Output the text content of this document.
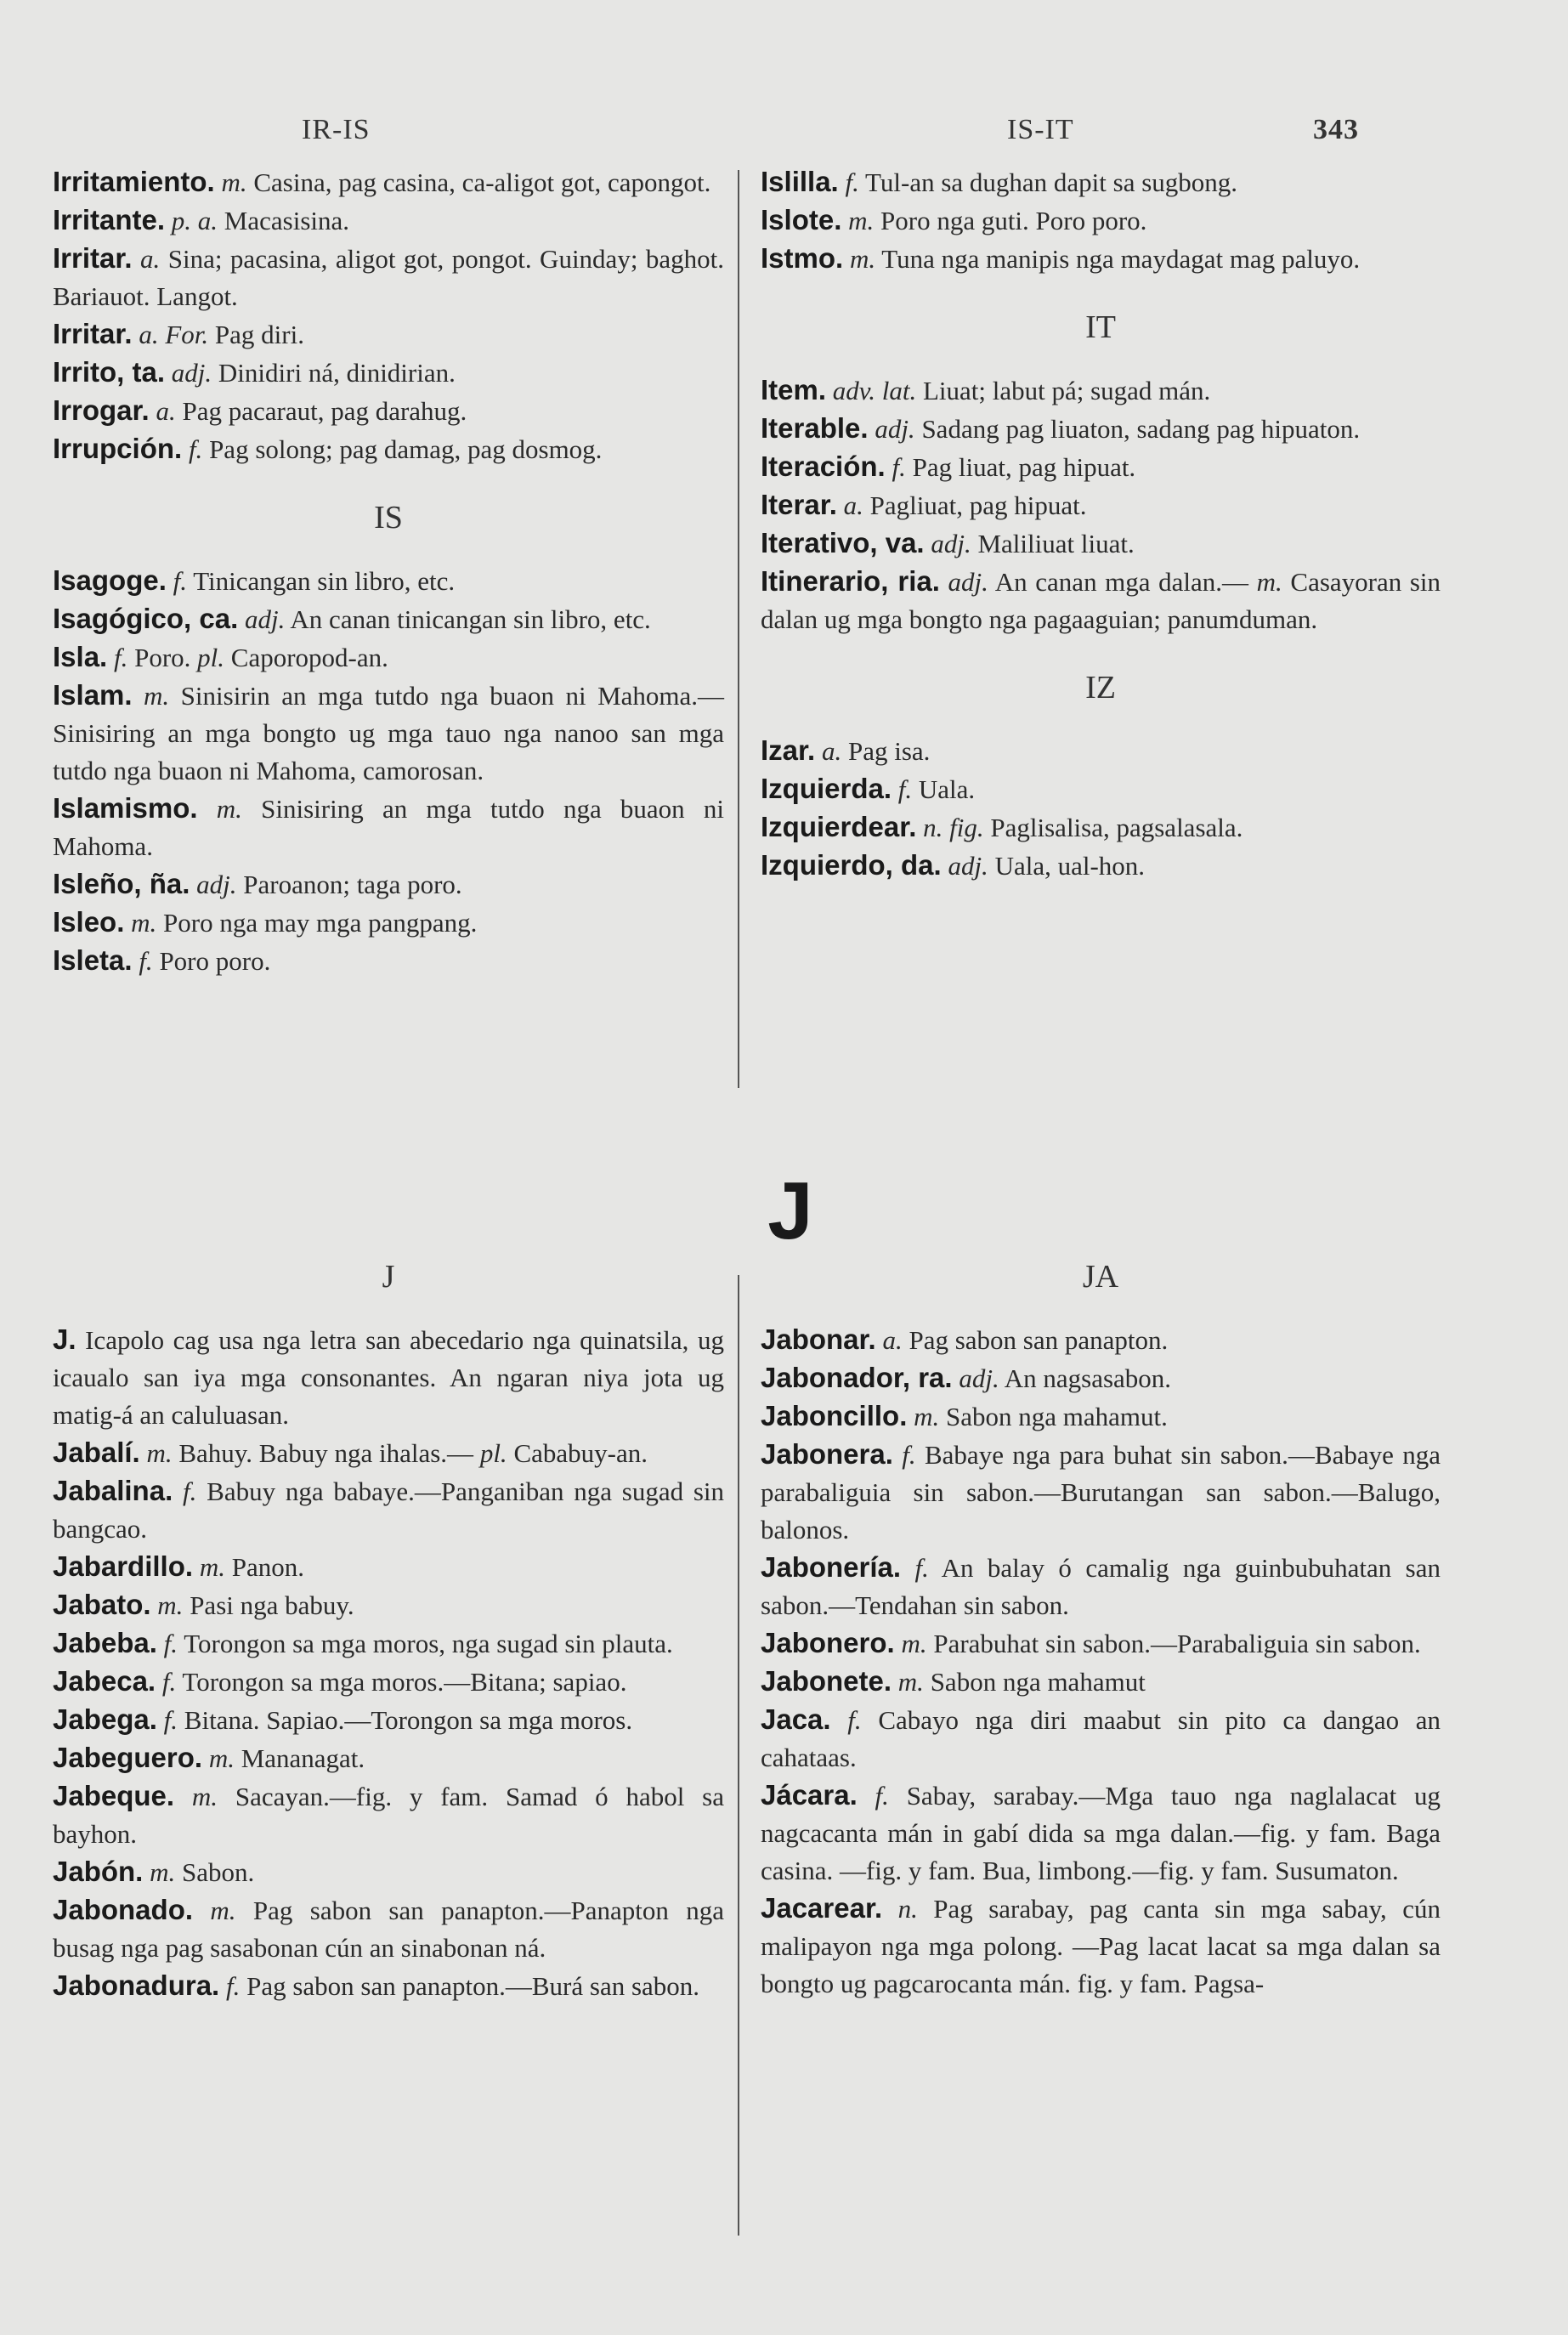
IR-IS	IS-IT	343

Irritamiento. m. Casina, pag casina, ca-aligot got, capongot.

Irritante. p. a. Macasisina.

Irritar. a. Sina; pacasina, aligot got, pongot. Guinday; baghot. Bariauot. Langot.

Irritar. a. For. Pag diri.

Irrito, ta. adj. Dinidiri ná, dinidirian.

Irrogar. a. Pag pacaraut, pag darahug.

Irrupción. f. Pag solong; pag damag, pag dosmog.

IS

Isagoge. f. Tinicangan sin libro, etc.

Isagógico, ca. adj. An canan tinicangan sin libro, etc.

Isla. f. Poro. pl. Caporopod-an.

Islam. m. Sinisirin an mga tutdo nga buaon ni Mahoma.—Sinisiring an mga bongto ug mga tauo nga nanoo san mga tutdo nga buaon ni Mahoma, camorosan.

Islamismo. m. Sinisiring an mga tutdo nga buaon ni Mahoma.

Isleño, ña. adj. Paroanon; taga poro.

Isleo. m. Poro nga may mga pangpang.

Isleta. f. Poro poro.

Islilla. f. Tul-an sa dughan dapit sa sugbong.

Islote. m. Poro nga guti. Poro poro.

Istmo. m. Tuna nga manipis nga maydagat mag paluyo.

IT

Item. adv. lat. Liuat; labut pá; sugad mán.

Iterable. adj. Sadang pag liuaton, sadang pag hipuaton.

Iteración. f. Pag liuat, pag hipuat.

Iterar. a. Pagliuat, pag hipuat.

Iterativo, va. adj. Maliliuat liuat.

Itinerario, ria. adj. An canan mga dalan.— m. Casayoran sin dalan ug mga bongto nga pagaaguian; panumduman.

IZ

Izar. a. Pag isa.

Izquierda. f. Uala.

Izquierdear. n. fig. Paglisalisa, pagsalasala.

Izquierdo, da. adj. Uala, ual-hon.

J
J

J. Icapolo cag usa nga letra san abecedario nga quinatsila, ug icaualo san iya mga consonantes. An ngaran niya jota ug matig-á an caluluasan.

Jabalí. m. Bahuy. Babuy nga ihalas.— pl. Cababuy-an.

Jabalina. f. Babuy nga babaye.—Panganiban nga sugad sin bangcao.

Jabardillo. m. Panon.

Jabato. m. Pasi nga babuy.

Jabeba. f. Torongon sa mga moros, nga sugad sin plauta.

Jabeca. f. Torongon sa mga moros.—Bitana; sapiao.

Jabega. f. Bitana. Sapiao.—Torongon sa mga moros.

Jabeguero. m. Mananagat.

Jabeque. m. Sacayan.—fig. y fam. Samad ó habol sa bayhon.

Jabón. m. Sabon.

Jabonado. m. Pag sabon san panapton.—Panapton nga busag nga pag sasabonan cún an sinabonan ná.

Jabonadura. f. Pag sabon san panapton.—Burá san sabon.

JA

Jabonar. a. Pag sabon san panapton.

Jabonador, ra. adj. An nagsasabon.

Jaboncillo. m. Sabon nga mahamut.

Jabonera. f. Babaye nga para buhat sin sabon.—Babaye nga parabaliguia sin sabon.—Burutangan san sabon.—Balugo, balonos.

Jabonería. f. An balay ó camalig nga guinbubuhatan san sabon.—Tendahan sin sabon.

Jabonero. m. Parabuhat sin sabon.—Parabaliguia sin sabon.

Jabonete. m. Sabon nga mahamut

Jaca. f. Cabayo nga diri maabut sin pito ca dangao an cahataas.

Jácara. f. Sabay, sarabay.—Mga tauo nga naglalacat ug nagcacanta mán in gabí dida sa mga dalan.—fig. y fam. Baga casina. —fig. y fam. Bua, limbong.—fig. y fam. Susumaton.

Jacarear. n. Pag sarabay, pag canta sin mga sabay, cún malipayon nga mga polong. —Pag lacat lacat sa mga dalan sa bongto ug pagcarocanta mán. fig. y fam. Pagsa-
